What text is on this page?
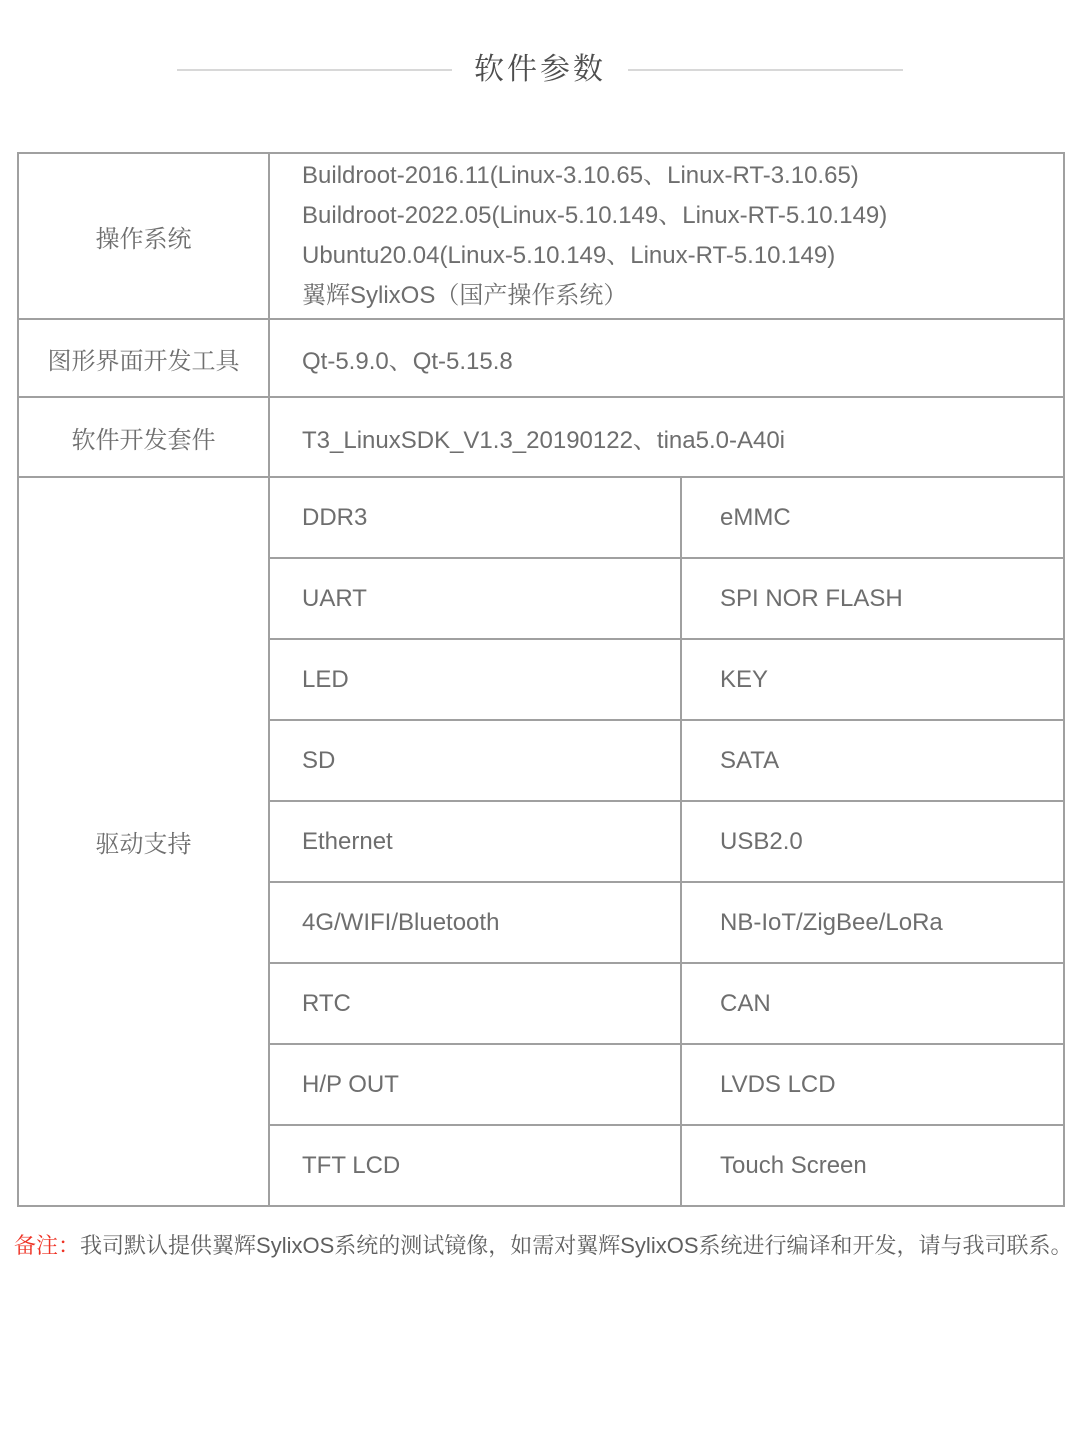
软件参数
操作系统	Buildroot-2016.11(Linux-3.10.65、Linux-RT-3.10.65)
Buildroot-2022.05(Linux-5.10.149、Linux-RT-5.10.149)
Ubuntu20.04(Linux-5.10.149、Linux-RT-5.10.149)
翼辉SylixOS（国产操作系统）	

图形界面开发工具	Qt-5.9.0、Qt-5.15.8	
软件开发套件	T3_LinuxSDK_V1.3_20190122、tina5.0-A40i	
驱动支持	DDR3	eMMC
	UART	SPI NOR FLASH
	LED	KEY
	SD	SATA
	Ethernet	USB2.0
	4G/WIFI/Bluetooth	NB-IoT/ZigBee/LoRa
	RTC	CAN
	H/P OUT	LVDS LCD
	TFT LCD	Touch Screen
备注：我司默认提供翼辉SylixOS系统的测试镜像，如需对翼辉SylixOS系统进行编译和开发，请与我司联系。
